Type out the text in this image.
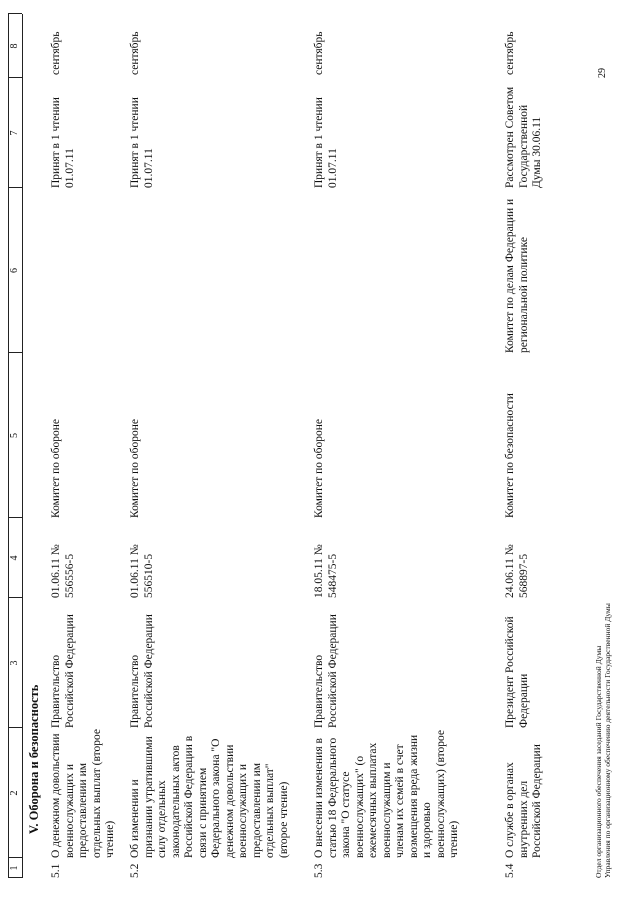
1
2
3
4
5
6
7
8
V. Оборона и безопасность
5.1
О денежном довольствии военнослужащих и предоставлении им отдельных выплат (второе чтение)
Правительство Российской Федерации
01.06.11 № 556556-5
Комитет по обороне
Принят в 1 чтении 01.07.11
сентябрь
5.2
Об изменении и признании утратившими силу отдельных законодательных актов Российской Федерации в связи с принятием Федерального закона "О денежном довольствии военнослужащих и предоставлении им отдельных выплат" (второе чтение)
Правительство Российской Федерации
01.06.11 № 556510-5
Комитет по обороне
Принят в 1 чтении 01.07.11
сентябрь
5.3
О внесении изменения в статью 18 Федерального закона "О статусе военнослужащих" (о ежемесячных выплатах военнослужащим и членам их семей в счет возмещения вреда жизни и здоровью военнослужащих) (второе чтение)
Правительство Российской Федерации
18.05.11 № 548475-5
Комитет по обороне
Принят в 1 чтении 01.07.11
сентябрь
5.4
О службе в органах внутренних дел Российской Федерации
Президент Российской Федерации
24.06.11 № 568897-5
Комитет по безопасности
Комитет по делам Федерации и региональной политике
Рассмотрен Советом Государственной Думы 30.06.11
сентябрь
Отдел организационного обеспечения заседаний Государственной Думы Управления по организационному обеспечению деятельности Государственной Думы
29
